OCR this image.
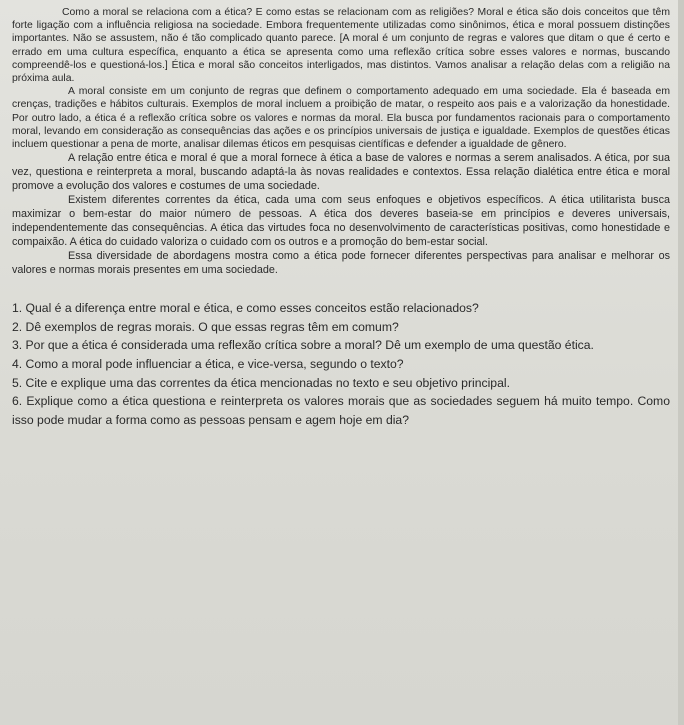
Como a moral se relaciona com a ética? E como estas se relacionam com as religiões? Moral e ética são dois conceitos que têm forte ligação com a influência religiosa na sociedade. Embora frequentemente utilizadas como sinônimos, ética e moral possuem distinções importantes. Não se assustem, não é tão complicado quanto parece. [A moral é um conjunto de regras e valores que ditam o que é certo e errado em uma cultura específica, enquanto a ética se apresenta como uma reflexão crítica sobre esses valores e normas, buscando compreendê-los e questioná-los.] Ética e moral são conceitos interligados, mas distintos. Vamos analisar a relação delas com a religião na próxima aula.

A moral consiste em um conjunto de regras que definem o comportamento adequado em uma sociedade. Ela é baseada em crenças, tradições e hábitos culturais. Exemplos de moral incluem a proibição de matar, o respeito aos pais e a valorização da honestidade. Por outro lado, a ética é a reflexão crítica sobre os valores e normas da moral. Ela busca por fundamentos racionais para o comportamento moral, levando em consideração as consequências das ações e os princípios universais de justiça e igualdade. Exemplos de questões éticas incluem questionar a pena de morte, analisar dilemas éticos em pesquisas científicas e defender a igualdade de gênero.

A relação entre ética e moral é que a moral fornece à ética a base de valores e normas a serem analisados. A ética, por sua vez, questiona e reinterpreta a moral, buscando adaptá-la às novas realidades e contextos. Essa relação dialética entre ética e moral promove a evolução dos valores e costumes de uma sociedade.

Existem diferentes correntes da ética, cada uma com seus enfoques e objetivos específicos. A ética utilitarista busca maximizar o bem-estar do maior número de pessoas. A ética dos deveres baseia-se em princípios e deveres universais, independentemente das consequências. A ética das virtudes foca no desenvolvimento de características positivas, como honestidade e compaixão. A ética do cuidado valoriza o cuidado com os outros e a promoção do bem-estar social.

Essa diversidade de abordagens mostra como a ética pode fornecer diferentes perspectivas para analisar e melhorar os valores e normas morais presentes em uma sociedade.

1. Qual é a diferença entre moral e ética, e como esses conceitos estão relacionados?

2. Dê exemplos de regras morais. O que essas regras têm em comum?

3. Por que a ética é considerada uma reflexão crítica sobre a moral? Dê um exemplo de uma questão ética.

4. Como a moral pode influenciar a ética, e vice-versa, segundo o texto?

5. Cite e explique uma das correntes da ética mencionadas no texto e seu objetivo principal.

6. Explique como a ética questiona e reinterpreta os valores morais que as sociedades seguem há muito tempo. Como isso pode mudar a forma como as pessoas pensam e agem hoje em dia?
